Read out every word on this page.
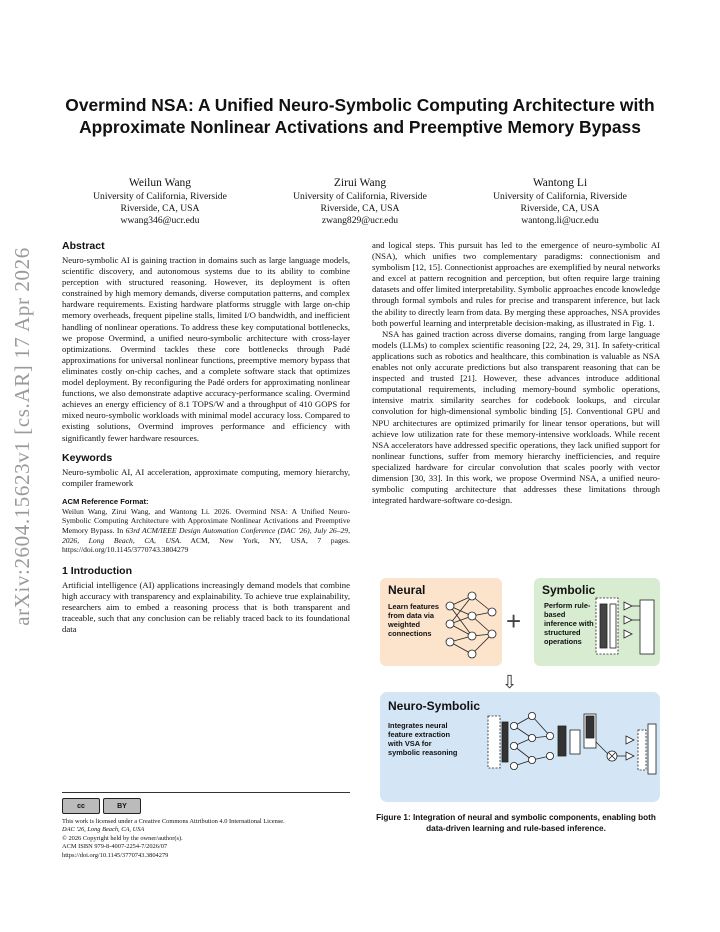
arXiv:2604.15623v1 [cs.AR] 17 Apr 2026
Overmind NSA: A Unified Neuro-Symbolic Computing Architecture with Approximate Nonlinear Activations and Preemptive Memory Bypass
Weilun Wang
University of California, Riverside
Riverside, CA, USA
wwang346@ucr.edu
Zirui Wang
University of California, Riverside
Riverside, CA, USA
zwang829@ucr.edu
Wantong Li
University of California, Riverside
Riverside, CA, USA
wantong.li@ucr.edu
Abstract

Neuro-symbolic AI is gaining traction in domains such as large language models, scientific discovery, and autonomous systems due to its ability to combine perception with structured reasoning. However, its deployment is often constrained by high memory demands, diverse computation patterns, and complex hardware requirements. Existing hardware platforms struggle with large on-chip memory overheads, frequent pipeline stalls, limited I/O bandwidth, and inefficient handling of nonlinear operations. To address these key computational bottlenecks, we propose Overmind, a unified neuro-symbolic architecture with cross-layer optimizations. Overmind tackles these core bottlenecks through Padé approximations for universal nonlinear functions, preemptive memory bypass that eliminates costly on-chip caches, and a complete software stack that optimizes model deployment. By reconfiguring the Padé orders for approximating nonlinear functions, we also demonstrate adaptive accuracy-performance scaling. Overmind achieves an energy efficiency of 8.1 TOPS/W and a throughput of 410 GOPS for mixed neuro-symbolic workloads with minimal model accuracy loss. Compared to existing solutions, Overmind improves performance and efficiency with significantly fewer hardware resources.

Keywords

Neuro-symbolic AI, AI acceleration, approximate computing, memory hierarchy, compiler framework

ACM Reference Format:
Weilun Wang, Zirui Wang, and Wantong Li. 2026. Overmind NSA: A Unified Neuro-Symbolic Computing Architecture with Approximate Nonlinear Activations and Preemptive Memory Bypass. In 63rd ACM/IEEE Design Automation Conference (DAC '26), July 26–29, 2026, Long Beach, CA, USA. ACM, New York, NY, USA, 7 pages. https://doi.org/10.1145/3770743.3804279
1 Introduction

Artificial intelligence (AI) applications increasingly demand models that combine high accuracy with transparency and explainability. To achieve true explainability, researchers aim to embed a reasoning process that is both transparent and traceable, such that any conclusion can be reliably traced back to its foundational data

cc	BY
This work is licensed under a Creative Commons Attribution 4.0 International License.
DAC '26, Long Beach, CA, USA
© 2026 Copyright held by the owner/author(s).
ACM ISBN 979-8-4007-2254-7/2026/07
https://doi.org/10.1145/3770743.3804279

and logical steps. This pursuit has led to the emergence of neuro-symbolic AI (NSA), which unifies two complementary paradigms: connectionism and symbolism [12, 15]. Connectionist approaches are exemplified by neural networks and excel at pattern recognition and perception, but often require large training datasets and offer limited interpretability. Symbolic approaches encode knowledge through formal symbols and rules for precise and transparent inference, but lack the ability to directly learn from data. By merging these approaches, NSA provides both powerful learning and interpretable decision-making, as illustrated in Fig. 1.

NSA has gained traction across diverse domains, ranging from large language models (LLMs) to complex scientific reasoning [22, 24, 29, 31]. In safety-critical applications such as robotics and healthcare, this combination is valuable as NSA enables not only accurate predictions but also transparent reasoning that can be inspected and trusted [21]. However, these advances introduce additional computational requirements, including memory-bound symbolic operations, intensive matrix similarity searches for codebook lookups, and circular convolution for high-dimensional symbolic binding [5]. Conventional GPU and NPU architectures are optimized primarily for linear tensor operations, but will achieve low utilization rate for these memory-intensive workloads. While recent NSA accelerators have addressed specific operations, they lack unified support for nonlinear functions, suffer from memory hierarchy inefficiencies, and require specialized hardware for circular convolution that scales poorly with vector dimension [30, 33]. In this work, we propose Overmind NSA, a unified neuro-symbolic computing architecture that addresses these limitations through integrated hardware-software co-design.

Neural
Learn features
from data via
weighted
connections	+
Symbolic
Perform rule-
based
inference with
structured
operations
⇩
Neuro-Symbolic
Integrates neural
feature extraction
with VSA for
symbolic reasoning
Figure 1: Integration of neural and symbolic components, enabling both data-driven learning and rule-based inference.
